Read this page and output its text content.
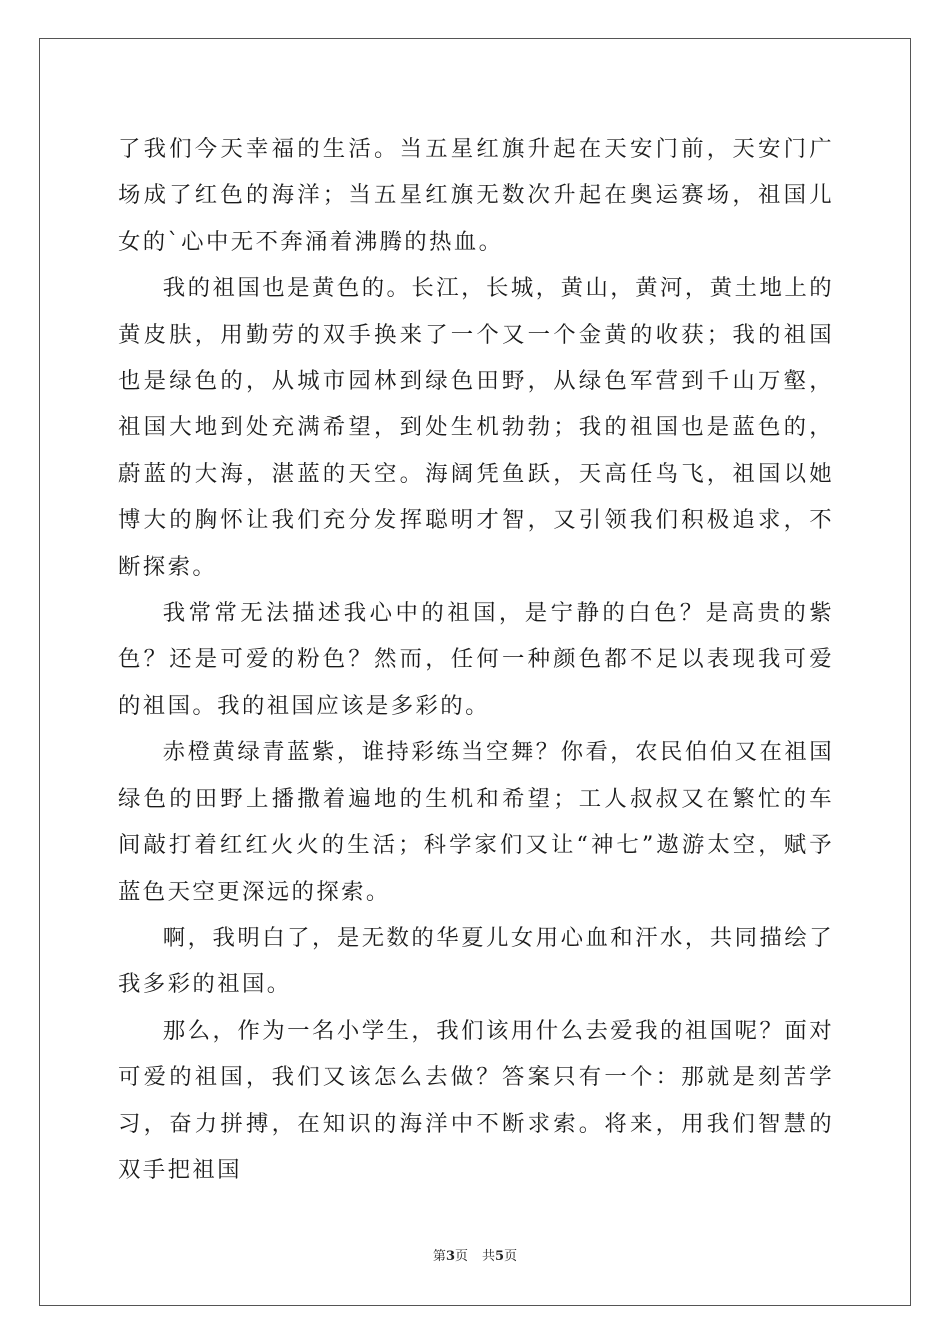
了我们今天幸福的生活。当五星红旗升起在天安门前，天安门广场成了红色的海洋；当五星红旗无数次升起在奥运赛场，祖国儿女的`心中无不奔涌着沸腾的热血。

我的祖国也是黄色的。长江，长城，黄山，黄河，黄土地上的黄皮肤，用勤劳的双手换来了一个又一个金黄的收获；我的祖国也是绿色的，从城市园林到绿色田野，从绿色军营到千山万壑，祖国大地到处充满希望，到处生机勃勃；我的祖国也是蓝色的，蔚蓝的大海，湛蓝的天空。海阔凭鱼跃，天高任鸟飞，祖国以她博大的胸怀让我们充分发挥聪明才智，又引领我们积极追求，不断探索。

我常常无法描述我心中的祖国，是宁静的白色？是高贵的紫色？还是可爱的粉色？然而，任何一种颜色都不足以表现我可爱的祖国。我的祖国应该是多彩的。

赤橙黄绿青蓝紫，谁持彩练当空舞？你看，农民伯伯又在祖国绿色的田野上播撒着遍地的生机和希望；工人叔叔又在繁忙的车间敲打着红红火火的生活；科学家们又让“神七”遨游太空，赋予蓝色天空更深远的探索。

啊，我明白了，是无数的华夏儿女用心血和汗水，共同描绘了我多彩的祖国。

那么，作为一名小学生，我们该用什么去爱我的祖国呢？面对可爱的祖国，我们又该怎么去做？答案只有一个：那就是刻苦学习，奋力拼搏，在知识的海洋中不断求索。将来，用我们智慧的双手把祖国

第3页 共5页
